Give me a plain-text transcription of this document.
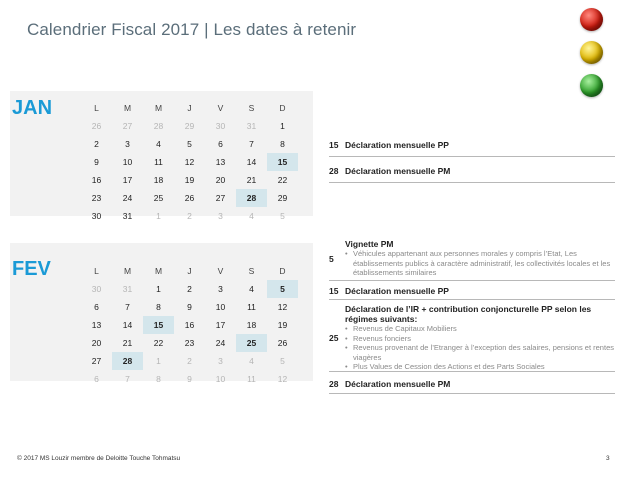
Calendrier Fiscal 2017 | Les dates à retenir
JAN	L	M	M	J	V	S	D
26	27	28	29	30	31	1
2	3	4	5	6	7	8
9	10	11	12	13	14	15
16	17	18	19	20	21	22
23	24	25	26	27	28	29
30	31	1	2	3	4	5
FEV	L	M	M	J	V	S	D
30	31	1	2	3	4	5
6	7	8	9	10	11	12
13	14	15	16	17	18	19
20	21	22	23	24	25	26
27	28	1	2	3	4	5
6	7	8	9	10	11	12
15 Déclaration mensuelle PP
28 Déclaration mensuelle PM
5
Vignette PM
• Véhicules appartenant aux personnes morales y compris l’Etat, Les établissements publics à caractère administratif, les collectivités locales et les établissements similaires
15 Déclaration mensuelle PP
25
Déclaration de l’IR + contribution conjoncturelle PP selon les régimes suivants:
• Revenus de Capitaux Mobiliers
• Revenus fonciers
• Revenus provenant de l’Etranger à l’exception des salaires, pensions et rentes viagères
• Plus Values de Cession des Actions et des Parts Sociales
28 Déclaration mensuelle PM
© 2017 MS Louzir membre de Deloitte Touche Tohmatsu	3
